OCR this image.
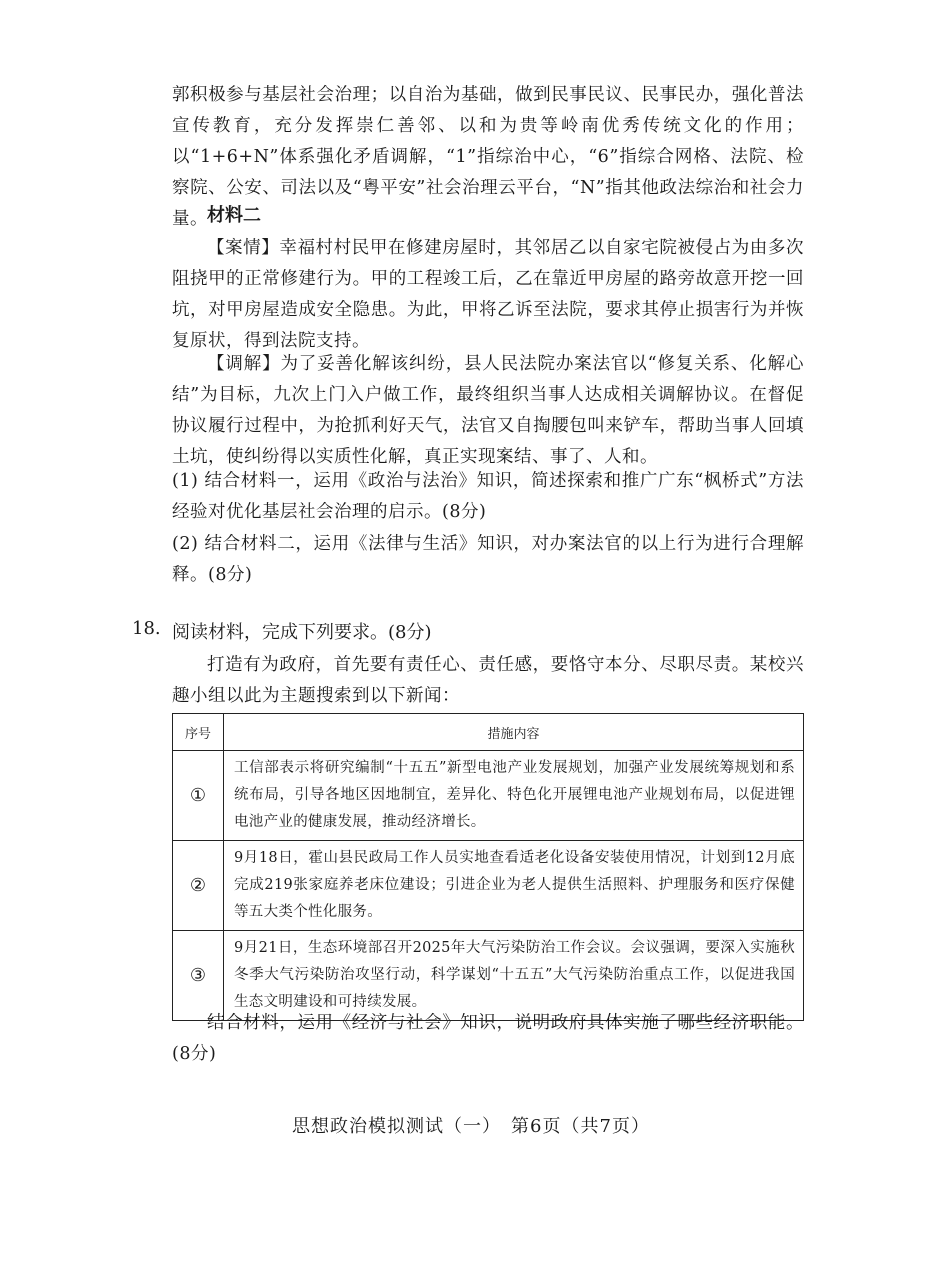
郭积极参与基层社会治理；以自治为基础，做到民事民议、民事民办，强化普法宣传教育，充分发挥崇仁善邻、以和为贵等岭南优秀传统文化的作用；以“1+6+N”体系强化矛盾调解，“1”指综治中心，“6”指综合网格、法院、检察院、公安、司法以及“粤平安”社会治理云平台，“N”指其他政法综治和社会力量。 材料二
【案情】幸福村村民甲在修建房屋时，其邻居乙以自家宅院被侵占为由多次阻挠甲的正常修建行为。甲的工程竣工后，乙在靠近甲房屋的路旁故意开挖一回坑，对甲房屋造成安全隐患。为此，甲将乙诉至法院，要求其停止损害行为并恢复原状，得到法院支持。
【调解】为了妥善化解该纠纷，县人民法院办案法官以“修复关系、化解心结”为目标，九次上门入户做工作，最终组织当事人达成相关调解协议。在督促协议履行过程中，为抢抓利好天气，法官又自掏腰包叫来铲车，帮助当事人回填土坑，使纠纷得以实质性化解，真正实现案结、事了、人和。
(1) 结合材料一，运用《政治与法治》知识，简述探索和推广广东“枫桥式”方法经验对优化基层社会治理的启示。(8分)
(2) 结合材料二，运用《法律与生活》知识，对办案法官的以上行为进行合理解释。(8分)
18. 阅读材料，完成下列要求。(8分)
打造有为政府，首先要有责任心、责任感，要恪守本分、尽职尽责。某校兴趣小组以此为主题搜索到以下新闻：
序号	措施内容
①	工信部表示将研究编制“十五五”新型电池产业发展规划，加强产业发展统筹规划和系统布局，引导各地区因地制宜，差异化、特色化开展锂电池产业规划布局，以促进锂电池产业的健康发展，推动经济增长。
②	9月18日，霍山县民政局工作人员实地查看适老化设备安装使用情况，计划到12月底完成219张家庭养老床位建设；引进企业为老人提供生活照料、护理服务和医疗保健等五大类个性化服务。
③	9月21日，生态环境部召开2025年大气污染防治工作会议。会议强调，要深入实施秋冬季大气污染防治攻坚行动，科学谋划“十五五”大气污染防治重点工作，以促进我国生态文明建设和可持续发展。
结合材料，运用《经济与社会》知识，说明政府具体实施了哪些经济职能。(8分)
思想政治模拟测试（一）　第6页（共7页）
